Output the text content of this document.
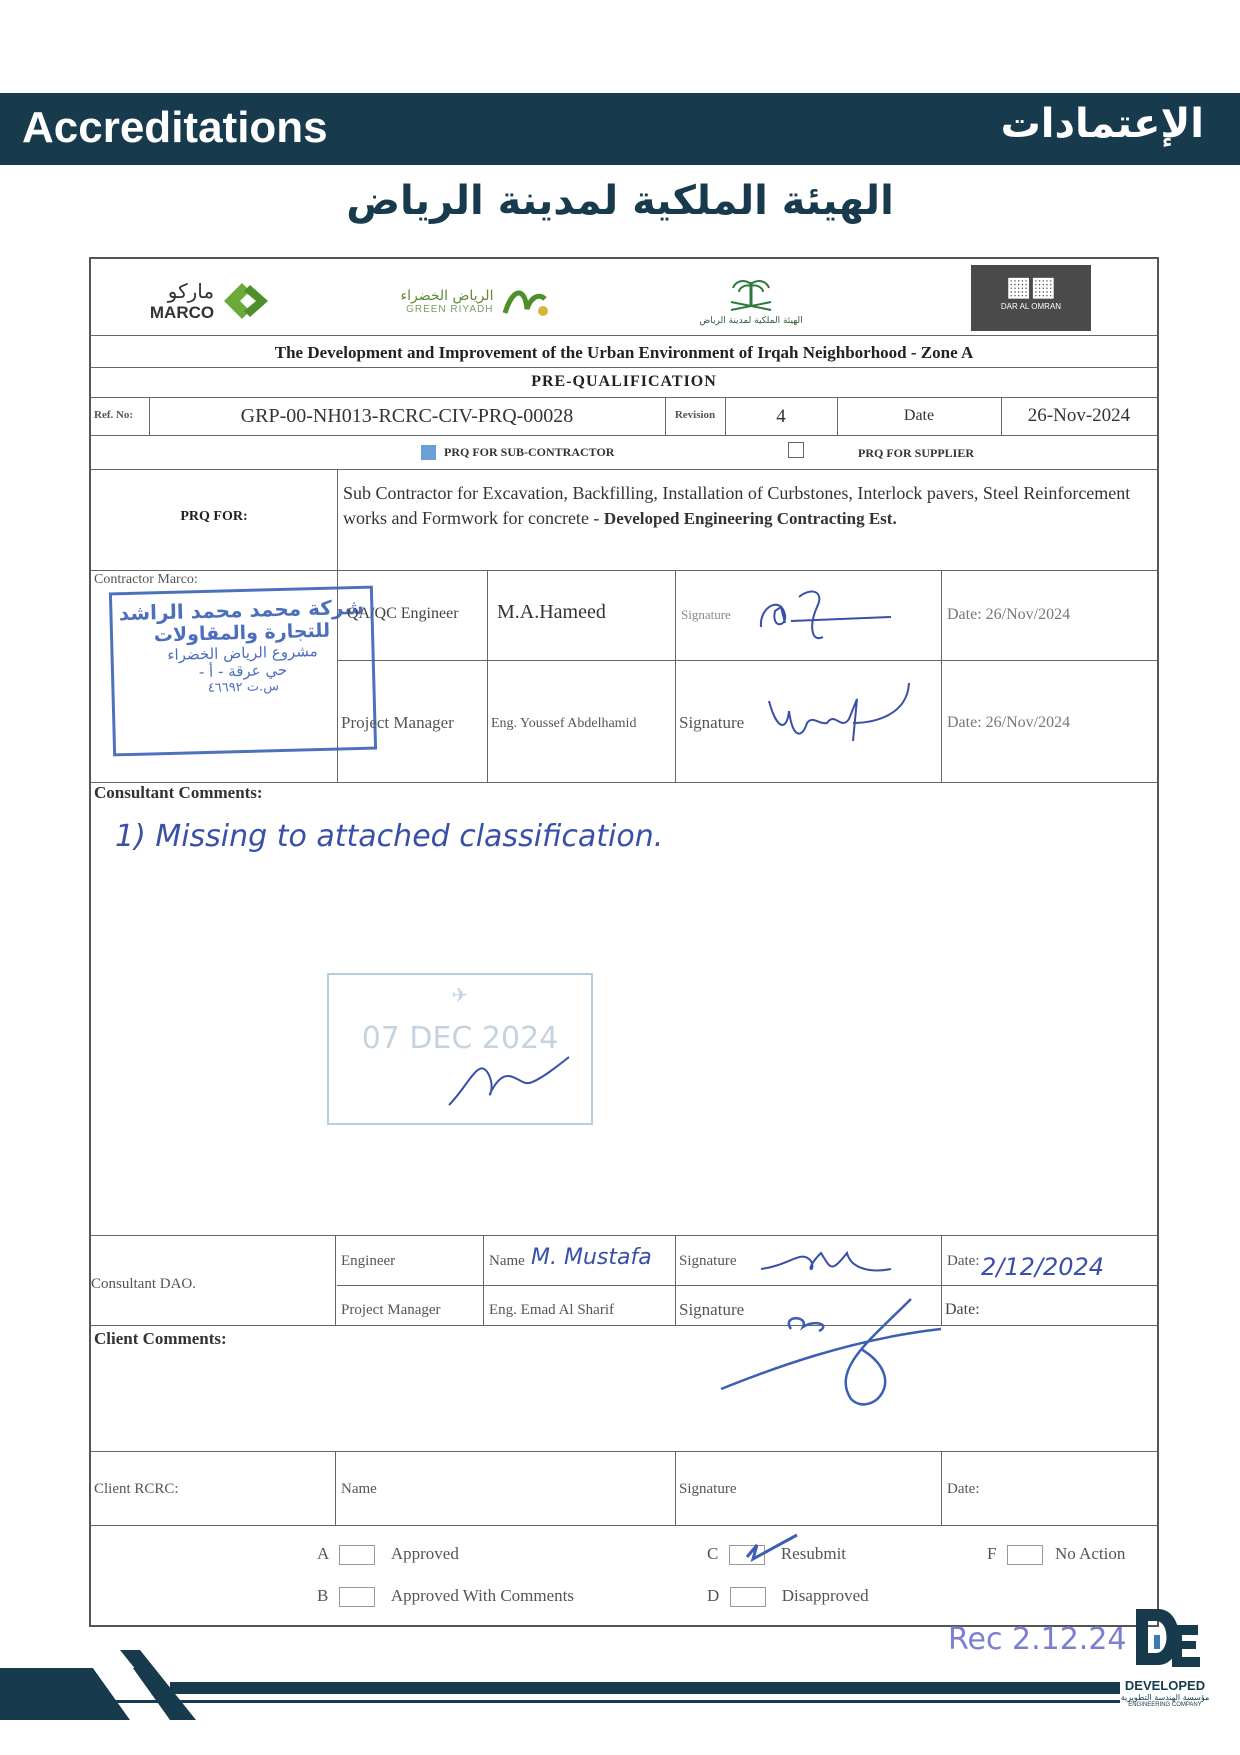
Accreditations	الإعتمادات
الهيئة الملكية لمدينة الرياض
ماركو
MARCO
الرياض الخضراء
GREEN RIYADH
الهيئة الملكية لمدينة الرياض
▦▦
DAR AL OMRAN
The Development and Improvement of the Urban Environment of Irqah Neighborhood - Zone A
PRE-QUALIFICATION
Ref. No:	GRP-00-NH013-RCRC-CIV-PRQ-00028	Revision	4	Date	26-Nov-2024
PRQ FOR SUB-CONTRACTOR	PRQ FOR SUPPLIER
PRQ FOR:
Sub Contractor for Excavation, Backfilling, Installation of Curbstones, Interlock pavers, Steel Reinforcement works and Formwork for concrete - Developed Engineering Contracting Est.
Contractor Marco:
شركة محمد محمد الراشد
للتجارة والمقاولات
مشروع الرياض الخضراء
حي عرقة - أ -
س.ت ٤٦٦٩٢
QA/QC Engineer M.A.Hameed	Signature	Date: 26/Nov/2024
Project Manager	Eng. Youssef Abdelhamid	Signature	Date: 26/Nov/2024
Consultant Comments:
1) Missing to attached classification.
✈
07 DEC 2024
Consultant DAO.
Engineer	Name M. Mustafa Signature	Date: 2/12/2024
Project Manager	Eng. Emad Al Sharif	Signature	Date:
Client Comments:
Client RCRC:	Name	Signature	Date:
A	Approved
B	Approved With Comments
C	Resubmit
D	Disapproved
F	No Action
Rec 2.12.24
DEVELOPED
مؤسسة الهندسة التطويرية
ENGINEERING COMPANY
